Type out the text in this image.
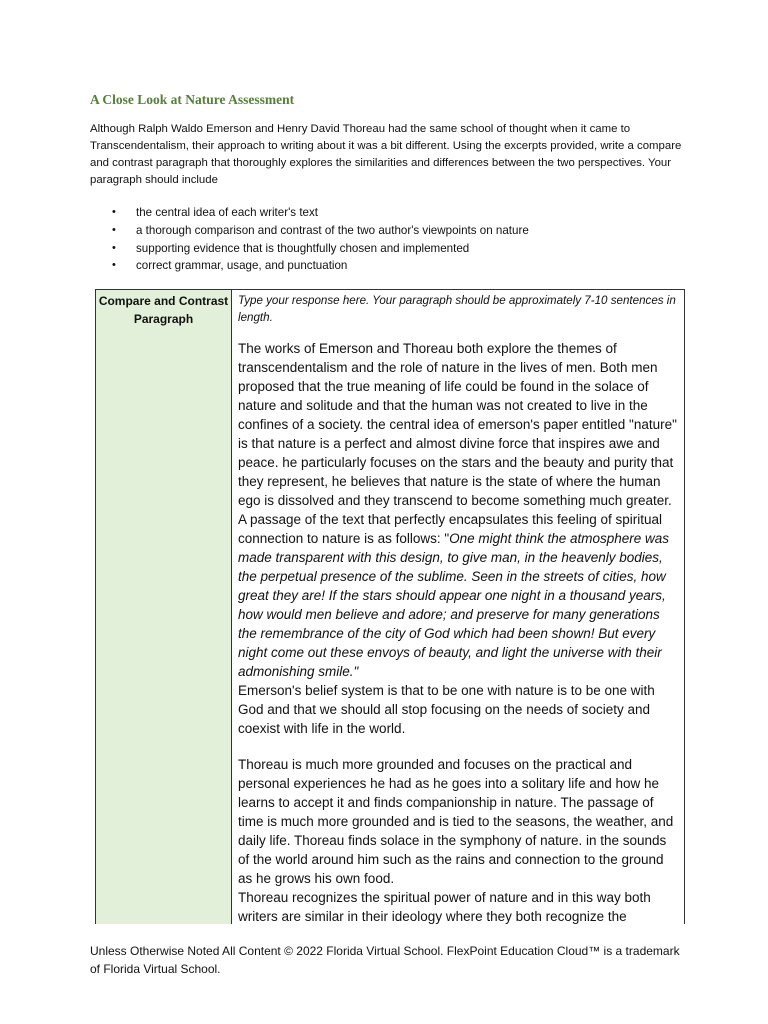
A Close Look at Nature Assessment
Although Ralph Waldo Emerson and Henry David Thoreau had the same school of thought when it came to Transcendentalism, their approach to writing about it was a bit different. Using the excerpts provided, write a compare and contrast paragraph that thoroughly explores the similarities and differences between the two perspectives. Your paragraph should include
• the central idea of each writer's text
• a thorough comparison and contrast of the two author's viewpoints on nature
• supporting evidence that is thoughtfully chosen and implemented
• correct grammar, usage, and punctuation
Compare and Contrast Paragraph

Type your response here. Your paragraph should be approximately 7-10 sentences in length.

The works of Emerson and Thoreau both explore the themes of transcendentalism and the role of nature in the lives of men. Both men proposed that the true meaning of life could be found in the solace of nature and solitude and that the human was not created to live in the confines of a society. the central idea of emerson's paper entitled "nature" is that nature is a perfect and almost divine force that inspires awe and peace. he particularly focuses on the stars and the beauty and purity that they represent, he believes that nature is the state of where the human ego is dissolved and they transcend to become something much greater. A passage of the text that perfectly encapsulates this feeling of spiritual connection to nature is as follows: "One might think the atmosphere was made transparent with this design, to give man, in the heavenly bodies, the perpetual presence of the sublime. Seen in the streets of cities, how great they are! If the stars should appear one night in a thousand years, how would men believe and adore; and preserve for many generations the remembrance of the city of God which had been shown! But every night come out these envoys of beauty, and light the universe with their admonishing smile."
Emerson's belief system is that to be one with nature is to be one with God and that we should all stop focusing on the needs of society and coexist with life in the world.

Thoreau is much more grounded and focuses on the practical and personal experiences he had as he goes into a solitary life and how he learns to accept it and finds companionship in nature. The passage of time is much more grounded and is tied to the seasons, the weather, and daily life. Thoreau finds solace in the symphony of nature. in the sounds of the world around him such as the rains and connection to the ground as he grows his own food.

Thoreau recognizes the spiritual power of nature and in this way both writers are similar in their ideology where they both recognize the

Unless Otherwise Noted All Content © 2022 Florida Virtual School. FlexPoint Education Cloud™ is a trademark of Florida Virtual School.
